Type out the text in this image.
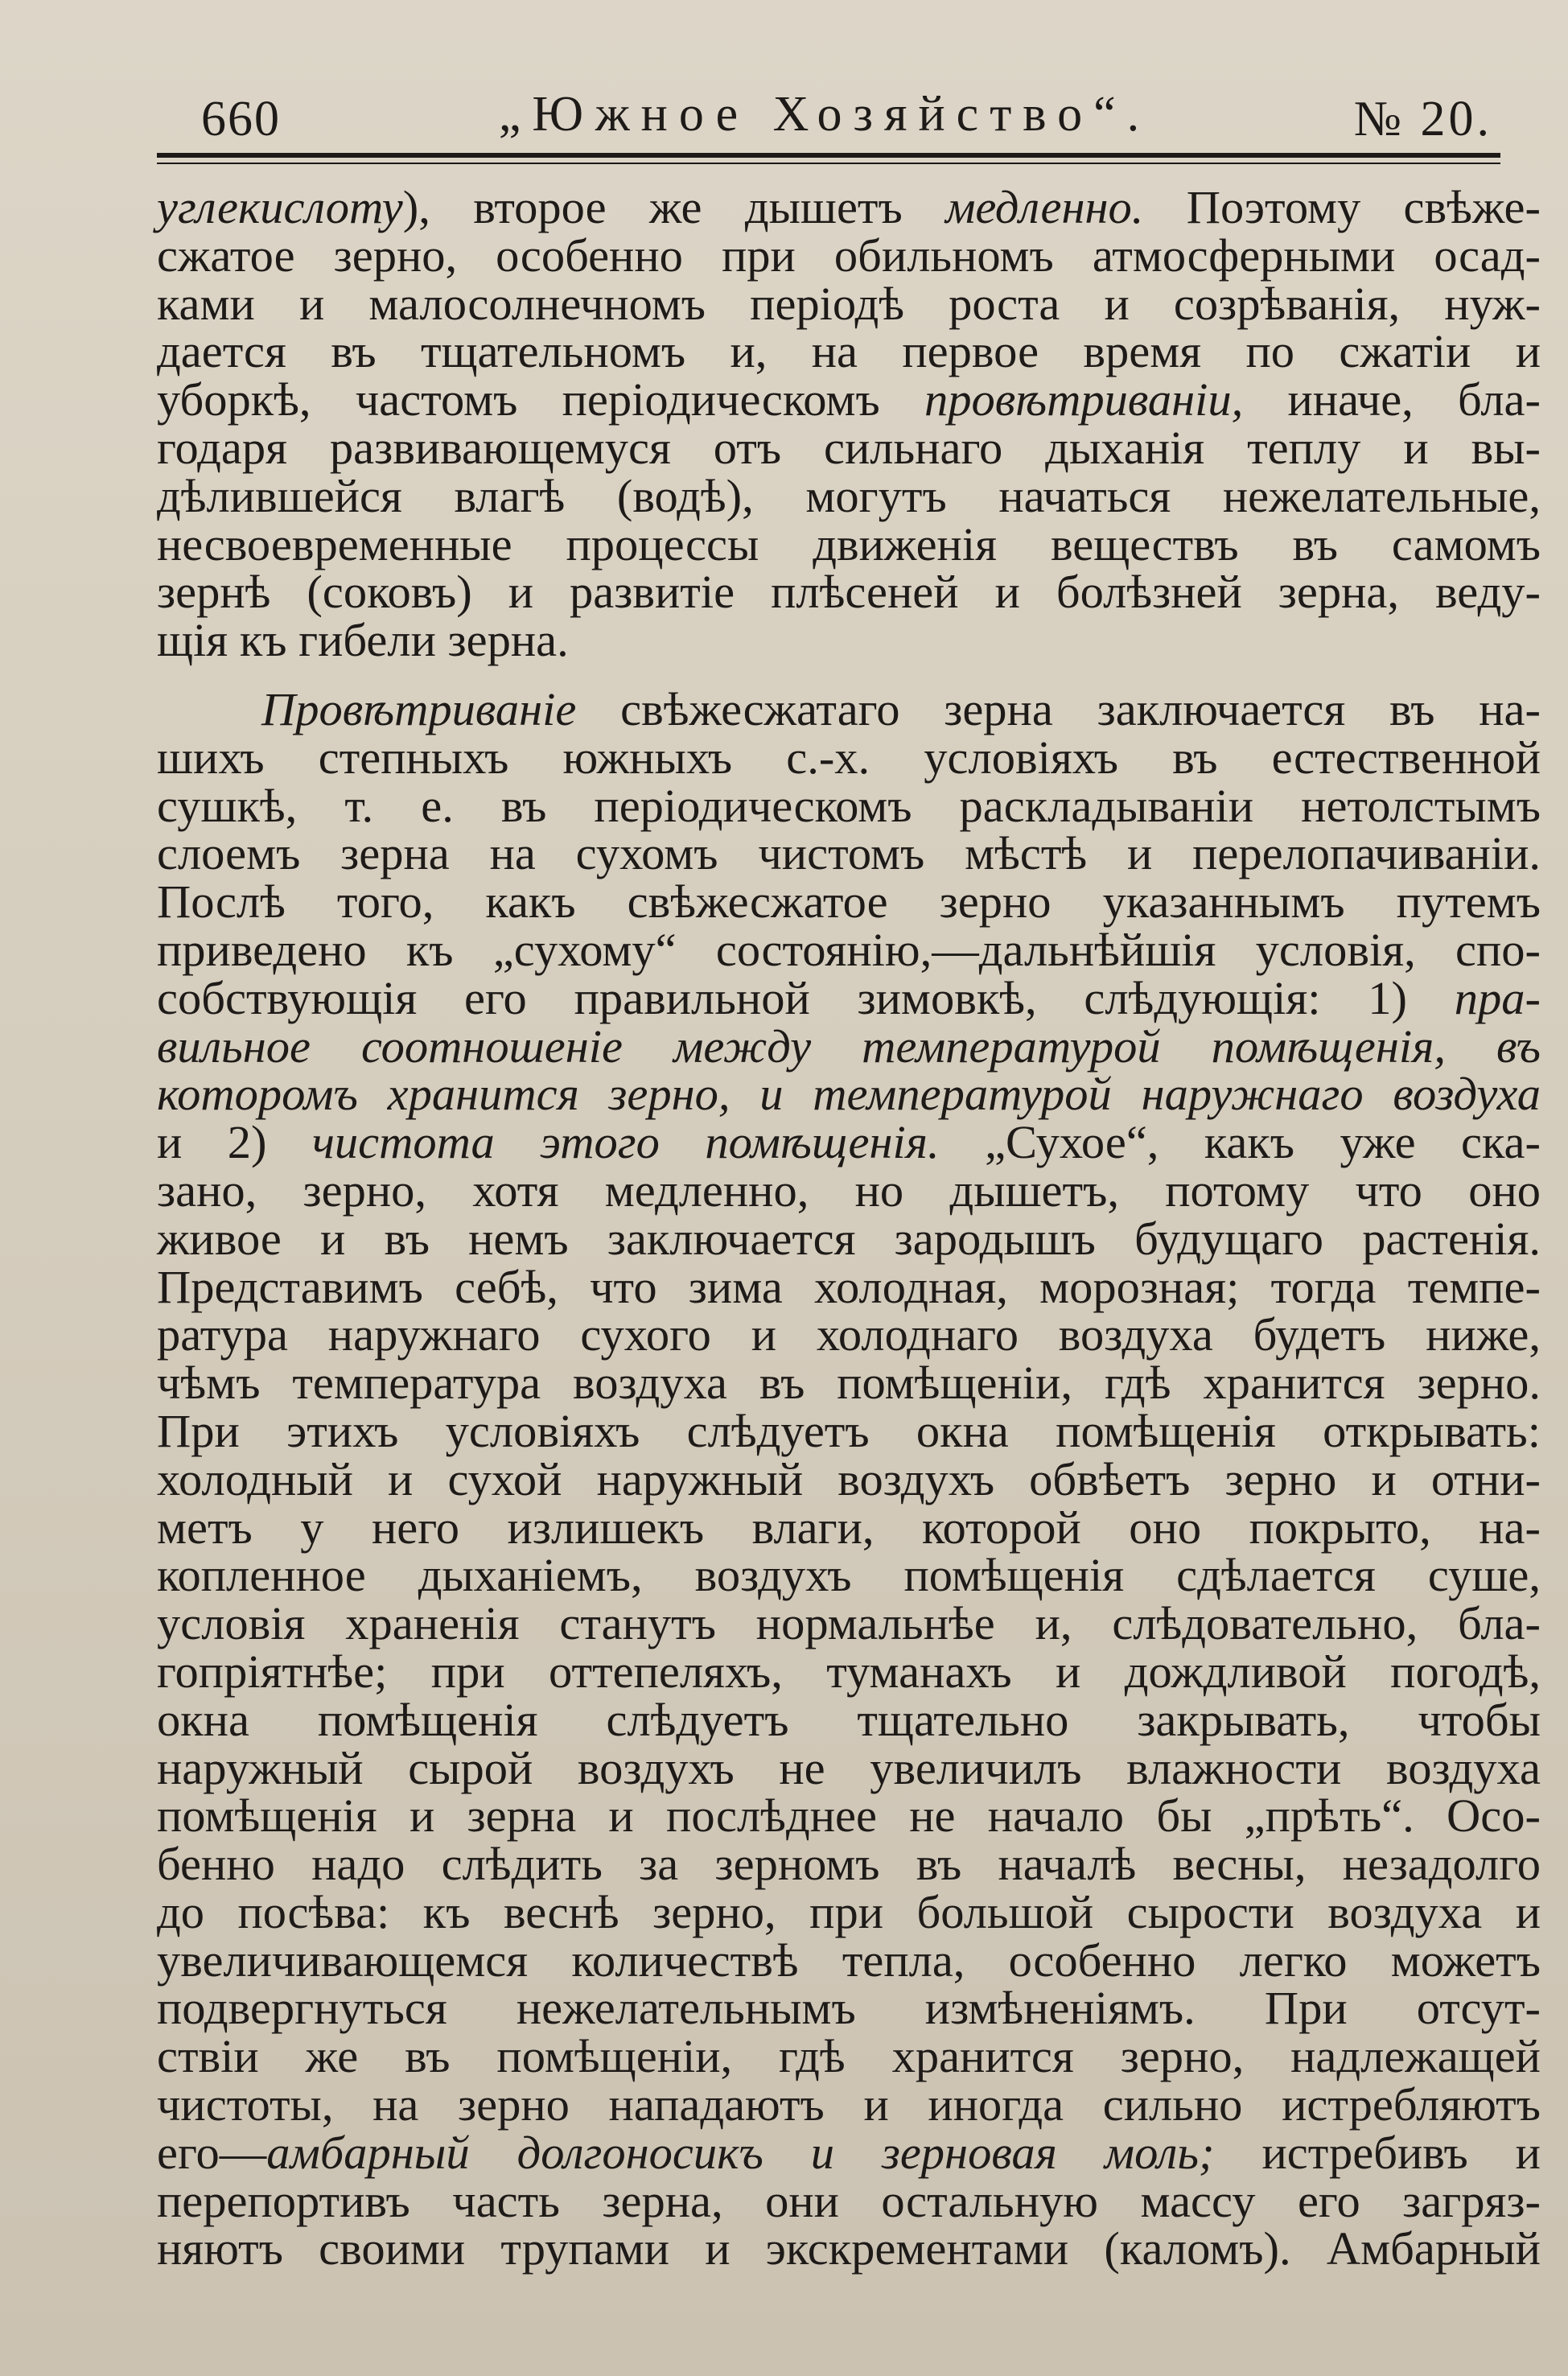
660	„Южное Хозяйство“.	№ 20.
углекислоту), второе же дышетъ медленно. Поэтому свѣже-
сжатое зерно, особенно при обильномъ атмосферными осад-
ками и малосолнечномъ періодѣ роста и созрѣванія, нуж-
дается въ тщательномъ и, на первое время по сжатіи и
уборкѣ, частомъ періодическомъ провѣтриваніи, иначе, бла-
годаря развивающемуся отъ сильнаго дыханія теплу и вы-
дѣлившейся влагѣ (водѣ), могутъ начаться нежелательные,
несвоевременные процессы движенія веществъ въ самомъ
зернѣ (соковъ) и развитіе плѣсеней и болѣзней зерна, веду-
щія къ гибели зерна.
Провѣтриваніе свѣжесжатаго зерна заключается въ на-
шихъ степныхъ южныхъ с.-х. условіяхъ въ естественной
сушкѣ, т. е. въ періодическомъ раскладываніи нетолстымъ
слоемъ зерна на сухомъ чистомъ мѣстѣ и перелопачиваніи.
Послѣ того, какъ свѣжесжатое зерно указаннымъ путемъ
приведено къ „сухому“ состоянію,—дальнѣйшія условія, спо-
собствующія его правильной зимовкѣ, слѣдующія: 1) пра-
вильное соотношеніе между температурой помѣщенія, въ
которомъ хранится зерно, и температурой наружнаго воздуха
и 2) чистота этого помѣщенія. „Сухое“, какъ уже ска-
зано, зерно, хотя медленно, но дышетъ, потому что оно
живое и въ немъ заключается зародышъ будущаго растенія.
Представимъ себѣ, что зима холодная, морозная; тогда темпе-
ратура наружнаго сухого и холоднаго воздуха будетъ ниже,
чѣмъ температура воздуха въ помѣщеніи, гдѣ хранится зерно.
При этихъ условіяхъ слѣдуетъ окна помѣщенія открывать:
холодный и сухой наружный воздухъ обвѣетъ зерно и отни-
метъ у него излишекъ влаги, которой оно покрыто, на-
копленное дыханіемъ, воздухъ помѣщенія сдѣлается суше,
условія храненія станутъ нормальнѣе и, слѣдовательно, бла-
гопріятнѣе; при оттепеляхъ, туманахъ и дождливой погодѣ,
окна помѣщенія слѣдуетъ тщательно закрывать, чтобы
наружный сырой воздухъ не увеличилъ влажности воздуха
помѣщенія и зерна и послѣднее не начало бы „прѣть“. Осо-
бенно надо слѣдить за зерномъ въ началѣ весны, незадолго
до посѣва: къ веснѣ зерно, при большой сырости воздуха и
увеличивающемся количествѣ тепла, особенно легко можетъ
подвергнуться нежелательнымъ измѣненіямъ. При отсут-
ствіи же въ помѣщеніи, гдѣ хранится зерно, надлежащей
чистоты, на зерно нападаютъ и иногда сильно истребляютъ
его—амбарный долгоносикъ и зерновая моль; истребивъ и
перепортивъ часть зерна, они остальную массу его загряз-
няютъ своими трупами и экскрементами (каломъ). Амбарный
